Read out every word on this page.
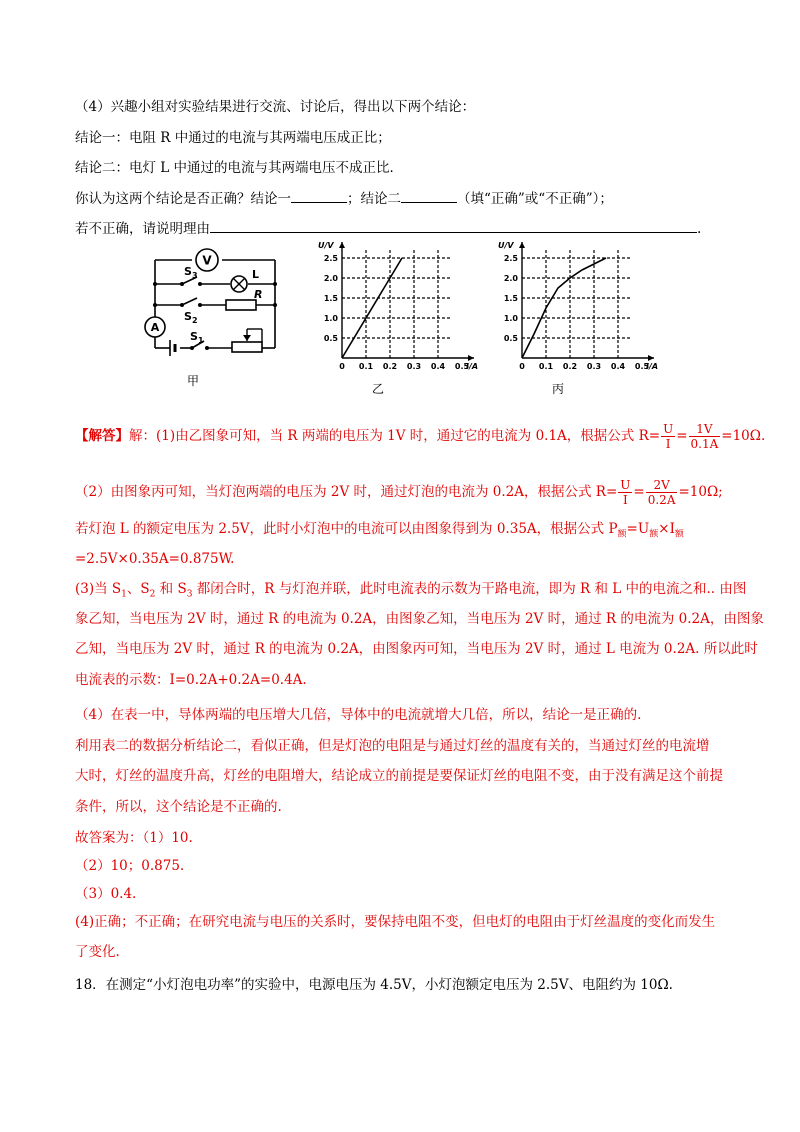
（4）兴趣小组对实验结果进行交流、讨论后，得出以下两个结论：
结论一：电阻 R 中通过的电流与其两端电压成正比；
结论二：电灯 L 中通过的电流与其两端电压不成正比．
你认为这两个结论是否正确？结论一	；结论二	（填“正确”或“不正确”）；
若不正确，请说明理由	.
V
L
R
A
S 3
S 2
S 1
甲
0 0.1 0.2 0.3 0.4 0.5
0.5
1.0
1.5
2.0
2.5
I/A
U/V
乙
0 0.1 0.2 0.3 0.4 0.5
0.5
1.0
1.5
2.0
2.5
I/A
U/V
丙
【解答】解：(1)由乙图象可知，当 R 两端的电压为 1V 时，通过它的电流为 0.1A，根据公式 $R= \frac{U}{I} = \frac{1V}{0.1A} =10\Omega$.
（2）由图象丙可知，当灯泡两端的电压为 2V 时，通过灯泡的电流为 0.2A，根据公式 $R= \frac{U}{I} = \frac{2V}{0.2A} =10\Omega$;
若灯泡 L 的额定电压为 2.5V，此时小灯泡中的电流可以由图象得到为 0.35A，根据公式 $P_额=U_额\times I_额$
=2.5V×0.35A=0.875W.
(3)当 $S_1$、$S_2$ 和 $S_3$ 都闭合时，R 与灯泡并联，此时电流表的示数为干路电流，即为 R 和 L 中的电流之和.. 由图
象乙知，当电压为 2V 时，通过 R 的电流为 0.2A，由图象乙知，当电压为 2V 时，通过 R 的电流为 0.2A，由图象
乙知，当电压为 2V 时，通过 R 的电流为 0.2A，由图象丙可知，当电压为 2V 时，通过 L 电流为 0.2A. 所以此时
电流表的示数：I=0.2A+0.2A=0.4A.
（4）在表一中，导体两端的电压增大几倍，导体中的电流就增大几倍，所以，结论一是正确的.
利用表二的数据分析结论二，看似正确，但是灯泡的电阻是与通过灯丝的温度有关的，当通过灯丝的电流增
大时，灯丝的温度升高，灯丝的电阻增大，结论成立的前提是要保证灯丝的电阻不变，由于没有满足这个前提
条件，所以，这个结论是不正确的.
故答案为：（1）10.
（2）10；0.875.
（3）0.4.
(4)正确；不正确；在研究电流与电压的关系时，要保持电阻不变，但电灯的电阻由于灯丝温度的变化而发生
了变化.
18．在测定“小灯泡电功率”的实验中，电源电压为 4.5V，小灯泡额定电压为 2.5V、电阻约为 10Ω.
